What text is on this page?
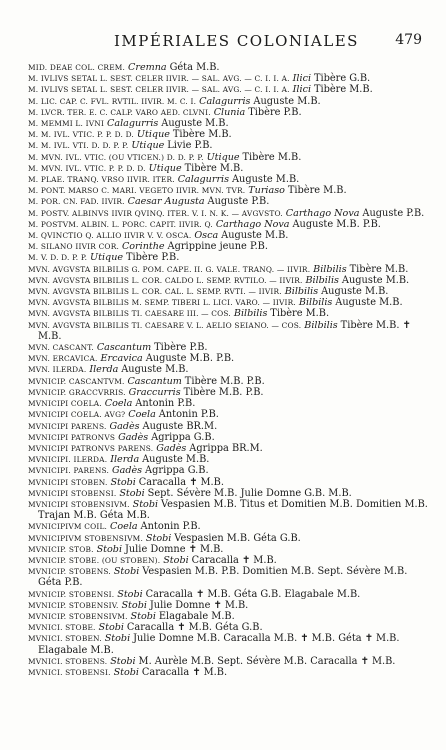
IMPÉRIALES COLONIALES	479
MID. DEAE COL. CREM. Cremna Géta M.B.
M. IVLIVS SETAL L. SEST. CELER IIVIR. — SAL. AVG. — C. I. I. A. Ilici Tibère G.B.
M. IVLIVS SETAL L. SEST. CELER IIVIR. — SAL. AVG. — C. I. I. A. Ilici Tibère M.B.
M. LIC. CAP. C. FVL. RVTIL. IIVIR. M. C. I. Calagurris Auguste M.B.
M. LVCR. TER. E. C. CALP. VARO AED. CLVNI. Clunia Tibère P.B.
M. MEMMI L. IVNI Calagurris Auguste M.B.
M. M. IVL. VTIC. P. P. D. D. Utique Tibère M.B.
M. M. IVL. VTI. D. D. P. P. Utique Livie P.B.
M. MVN. IVL. VTIC. (OU VTICEN.) D. D. P. P. Utique Tibère M.B.
M. MVN. IVL. VTIC. P. P. D. D. Utique Tibère M.B.
M. PLAE. TRANQ. VRSO IIVIR. ITER. Calagurris Auguste M.B.
M. PONT. MARSO C. MARI. VEGETO IIVIR. MVN. TVR. Turiaso Tibère M.B.
M. POR. CN. FAD. IIVIR. Caesar Augusta Auguste P.B.
M. POSTV. ALBINVS IIVIR QVINQ. ITER. V. I. N. K. — AVGVSTO. Carthago Nova Auguste P.B.
M. POSTVM. ALBIN. L. PORC. CAPIT. IIVIR. Q. Carthago Nova Auguste M.B. P.B.
M. QVINCTIO Q. ALLIO IIVIR V. V. OSCA. Osca Auguste M.B.
M. SILANO IIVIR COR. Corinthe Agrippine jeune P.B.
M. V. D. D. P. P. Utique Tibère P.B.
MVN. AVGVSTA BILBILIS G. POM. CAPE. II. G. VALE. TRANQ. — IIVIR. Bilbilis Tibère M.B.
MVN. AVGVSTA BILBILIS L. COR. CALDO L. SEMP. RVTILO. — IIVIR. Bilbilis Auguste M.B.
MVN. AVGVSTA BILBILIS L. COR. CAL. L. SEMP. RVTI. — IIVIR. Bilbilis Auguste M.B.
MVN. AVGVSTA BILBILIS M. SEMP. TIBERI L. LICI. VARO. — IIVIR. Bilbilis Auguste M.B.
MVN. AVGVSTA BILBILIS TI. CAESARE III. — COS. Bilbilis Tibère M.B.
MVN. AVGVSTA BILBILIS TI. CAESARE V. L. AELIO SEIANO. — COS. Bilbilis Tibère M.B. ✝ M.B.
MVN. CASCANT. Cascantum Tibère P.B.
MVN. ERCAVICA. Ercavica Auguste M.B. P.B.
MVN. ILERDA. Ilerda Auguste M.B.
MVNICIP. CASCANTVM. Cascantum Tibère M.B. P.B.
MVNICIP. GRACCVRRIS. Graccurris Tibère M.B. P.B.
MVNICIPI COELA. Coela Antonin P.B.
MVNICIPI COELA. AVG? Coela Antonin P.B.
MVNICIPI PARENS. Gadès Auguste BR.M.
MVNICIPI PATRONVS Gadès Agrippa G.B.
MVNICIPI PATRONVS PARENS. Gadès Agrippa BR.M.
MVNICIPI. ILERDA. Ilerda Auguste M.B.
MVNICIPI. PARENS. Gadès Agrippa G.B.
MVNICIPI STOBEN. Stobi Caracalla ✝ M.B.
MVNICIPI STOBENSI. Stobi Sept. Sévère M.B. Julie Domne G.B. M.B.
MVNICIPI STOBENSIVM. Stobi Vespasien M.B. Titus et Domitien M.B. Domitien M.B. Trajan M.B. Géta M.B.
MVNICIPIVM COIL. Coela Antonin P.B.
MVNICIPIVM STOBENSIVM. Stobi Vespasien M.B. Géta G.B.
MVNICIP. STOB. Stobi Julie Domne ✝ M.B.
MVNICIP. STOBE. (OU STOBEN). Stobi Caracalla ✝ M.B.
MVNICIP. STOBENS. Stobi Vespasien M.B. P.B. Domitien M.B. Sept. Sévère M.B. Géta P.B.
MVNICIP. STOBENSI. Stobi Caracalla ✝ M.B. Géta G.B. Elagabale M.B.
MVNICIP. STOBENSIV. Stobi Julie Domne ✝ M.B.
MVNICIP. STOBENSIVM. Stobi Elagabale M.B.
MVNICI. STOBE. Stobi Caracalla ✝ M.B. Géta G.B.
MVNICI. STOBEN. Stobi Julie Domne M.B. Caracalla M.B. ✝ M.B. Géta ✝ M.B. Elagabale M.B.
MVNICI. STOBENS. Stobi M. Aurèle M.B. Sept. Sévère M.B. Caracalla ✝ M.B.
MVNICI. STOBENSI. Stobi Caracalla ✝ M.B.
